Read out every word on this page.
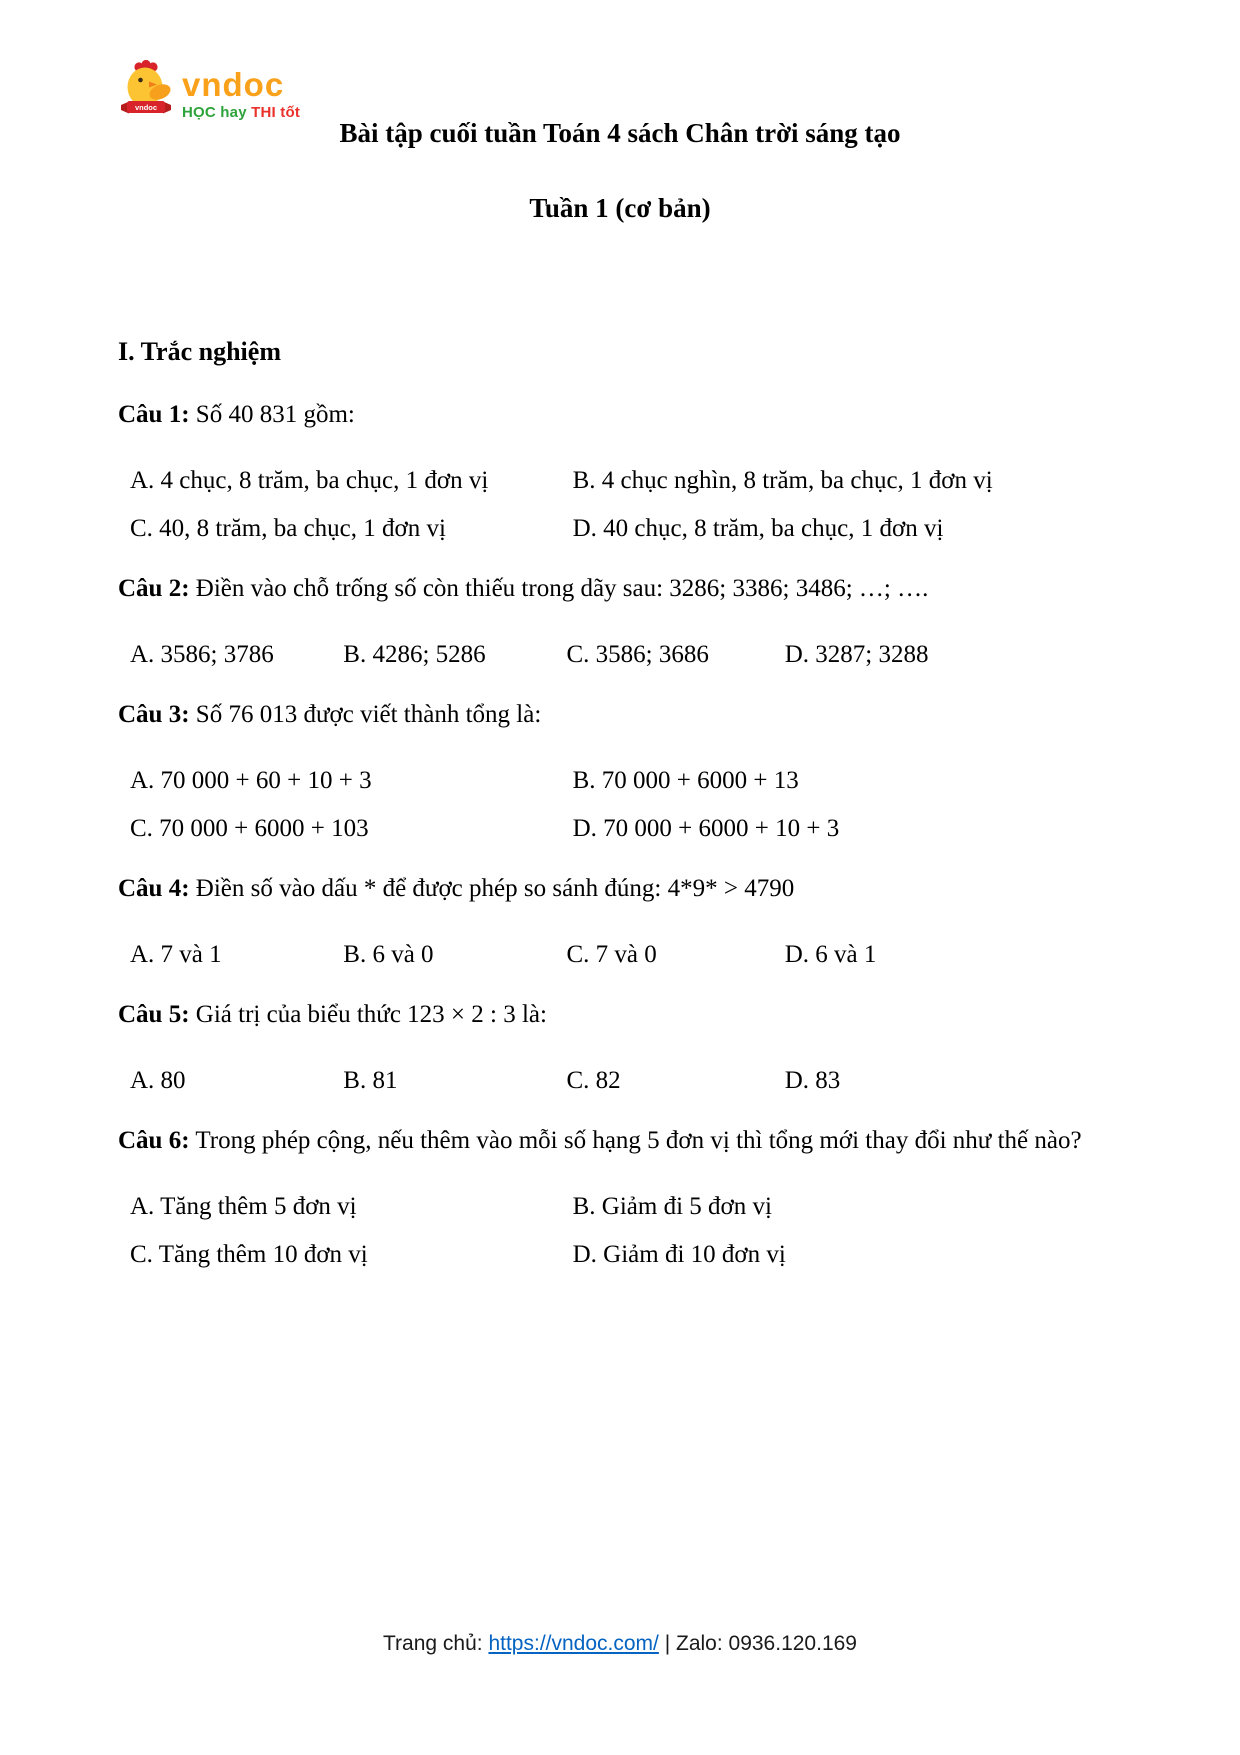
vndoc
vndoc
HỌC hay THI tốt

Bài tập cuối tuần Toán 4 sách Chân trời sáng tạo

Tuần 1 (cơ bản)

I. Trắc nghiệm

Câu 1: Số 40 831 gồm:

A. 4 chục, 8 trăm, ba chục, 1 đơn vị	B. 4 chục nghìn, 8 trăm, ba chục, 1 đơn vị
C. 40, 8 trăm, ba chục, 1 đơn vị	D. 40 chục, 8 trăm, ba chục, 1 đơn vị

Câu 2: Điền vào chỗ trống số còn thiếu trong dãy sau: 3286; 3386; 3486; …; ….

A. 3586; 3786	B. 4286; 5286	C. 3586; 3686	D. 3287; 3288

Câu 3: Số 76 013 được viết thành tổng là:

A. 70 000 + 60 + 10 + 3	B. 70 000 + 6000 + 13
C. 70 000 + 6000 + 103	D. 70 000 + 6000 + 10 + 3

Câu 4: Điền số vào dấu * để được phép so sánh đúng: 4*9* > 4790

A. 7 và 1	B. 6 và 0	C. 7 và 0	D. 6 và 1

Câu 5: Giá trị của biểu thức 123 × 2 : 3 là:

A. 80	B. 81	C. 82	D. 83

Câu 6: Trong phép cộng, nếu thêm vào mỗi số hạng 5 đơn vị thì tổng mới thay đổi như thế nào?

A. Tăng thêm 5 đơn vị	B. Giảm đi 5 đơn vị
C. Tăng thêm 10 đơn vị	D. Giảm đi 10 đơn vị
Trang chủ: https://vndoc.com/ | Zalo: 0936.120.169
